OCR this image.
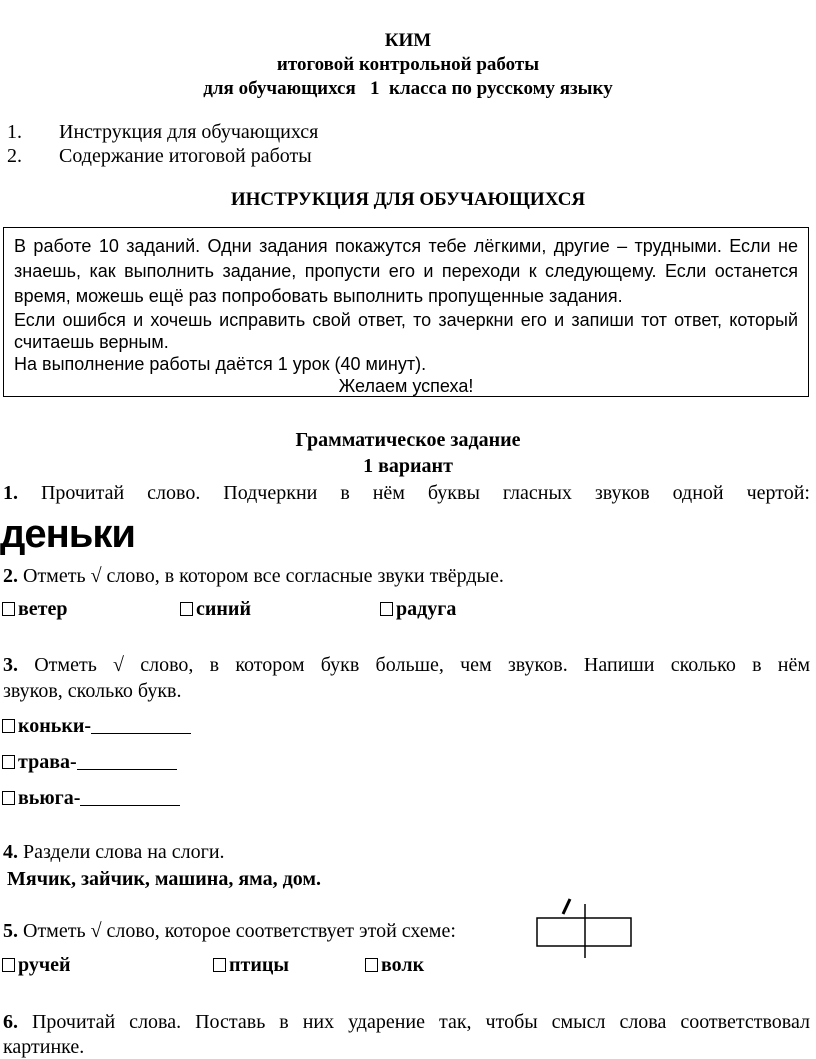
КИМ
итоговой контрольной работы
для обучающихся   1  класса по русскому языку
1. Инструкция для обучающихся
2. Содержание итоговой работы
ИНСТРУКЦИЯ ДЛЯ ОБУЧАЮЩИХСЯ
В работе 10 заданий. Одни задания покажутся тебе лёгкими, другие – трудными. Если не
знаешь, как выполнить задание, пропусти его и переходи к следующему. Если останется
время, можешь ещё раз попробовать выполнить пропущенные задания.
Если ошибся и хочешь исправить свой ответ, то зачеркни его и запиши тот ответ, который
считаешь верным.
На выполнение работы даётся 1 урок (40 минут).
Желаем успеха!
Грамматическое задание
1 вариант
1. Прочитай слово. Подчеркни в нём буквы гласных звуков одной чертой:
деньки
2. Отметь √ слово, в котором все согласные звуки твёрдые.
ветер	синий	радуга
3. Отметь √ слово, в котором букв больше, чем звуков. Напиши сколько в нём
звуков, сколько букв.
коньки-
трава-
вьюга-
4. Раздели слова на слоги.
Мячик, зайчик, машина, яма, дом.
5. Отметь √ слово, которое соответствует этой схеме:
ручей	птицы	волк
6. Прочитай слова. Поставь в них ударение так, чтобы смысл слова соответствовал
картинке.
